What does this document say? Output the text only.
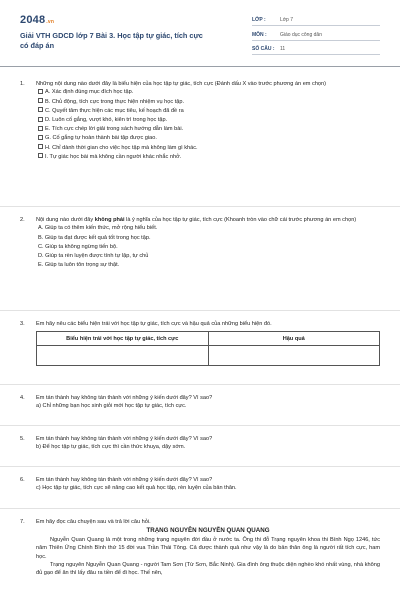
2048.vn
Giải VTH GDCD lớp 7 Bài 3. Học tập tự giác, tích cực có đáp án
LỚP :	Lớp 7
MÔN :	Giáo dục công dân
SỐ CÂU :	11
1. Những nội dung nào dưới đây là biểu hiện của học tập tự giác, tích cực (Đánh dấu X vào trước phương án em chọn)
A. Xác định đúng mục đích học tập.
B. Chủ động, tích cực trong thực hiện nhiệm vụ học tập.
C. Quyết tâm thực hiện các mục tiêu, kế hoạch đã đề ra
D. Luôn cố gắng, vượt khó, kiên trì trong học tập.
E. Tích cực chép lời giải trong sách hướng dẫn làm bài.
G. Cố gắng tự hoàn thành bài tập được giao.
H. Chỉ dành thời gian cho việc học tập mà không làm gì khác.
I. Tự giác học bài mà không cần người khác nhắc nhở.
2. Nội dung nào dưới đây không phải là ý nghĩa của học tập tự giác, tích cực (Khoanh tròn vào chữ cái trước phương án em chọn)
A. Giúp ta có thêm kiến thức, mở rộng hiểu biết.
B. Giúp ta đạt được kết quả tốt trong học tập.
C. Giúp ta không ngừng tiến bộ.
D. Giúp ta rèn luyện được tính tự lập, tự chủ
E. Giúp ta luôn tôn trọng sự thật.
3. Em hãy nêu các biểu hiện trái với học tập tự giác, tích cực và hậu quả của những biểu hiện đó.
Biểu hiện trái với học tập tự giác, tích cực	Hậu quả

4. Em tán thành hay không tán thành với những ý kiến dưới đây? Vì sao?
a) Chỉ những bạn học sinh giỏi mới học tập tự giác, tích cực.
5. Em tán thành hay không tán thành với những ý kiến dưới đây? Vì sao?
b) Để học tập tự giác, tích cực thì cần thức khuya, dậy sớm.
6. Em tán thành hay không tán thành với những ý kiến dưới đây? Vì sao?
c) Học tập tự giác, tích cực sẽ nâng cao kết quả học tập, rèn luyện của bản thân.
7. Em hãy đọc câu chuyện sau và trả lời câu hỏi.
TRẠNG NGUYÊN NGUYỄN QUAN QUANG
Nguyễn Quan Quang là một trong những trạng nguyên đời đầu ở nước ta. Ông thi đỗ Trạng nguyên khoa thi Bính Ngọ 1246, tức năm Thiên Ứng Chính Bình thứ 15 đời vua Trần Thái Tông. Cả được thành quả như vậy là do bản thân ông là người rất tích cực, ham học.
Trạng nguyên Nguyễn Quan Quang - người Tam Sơn (Từ Sơn, Bắc Ninh). Gia đình ông thuộc diện nghèo khó nhất vùng, nhà không đủ gạo để ăn thì lấy đâu ra tiền để đi học. Thế nên,
